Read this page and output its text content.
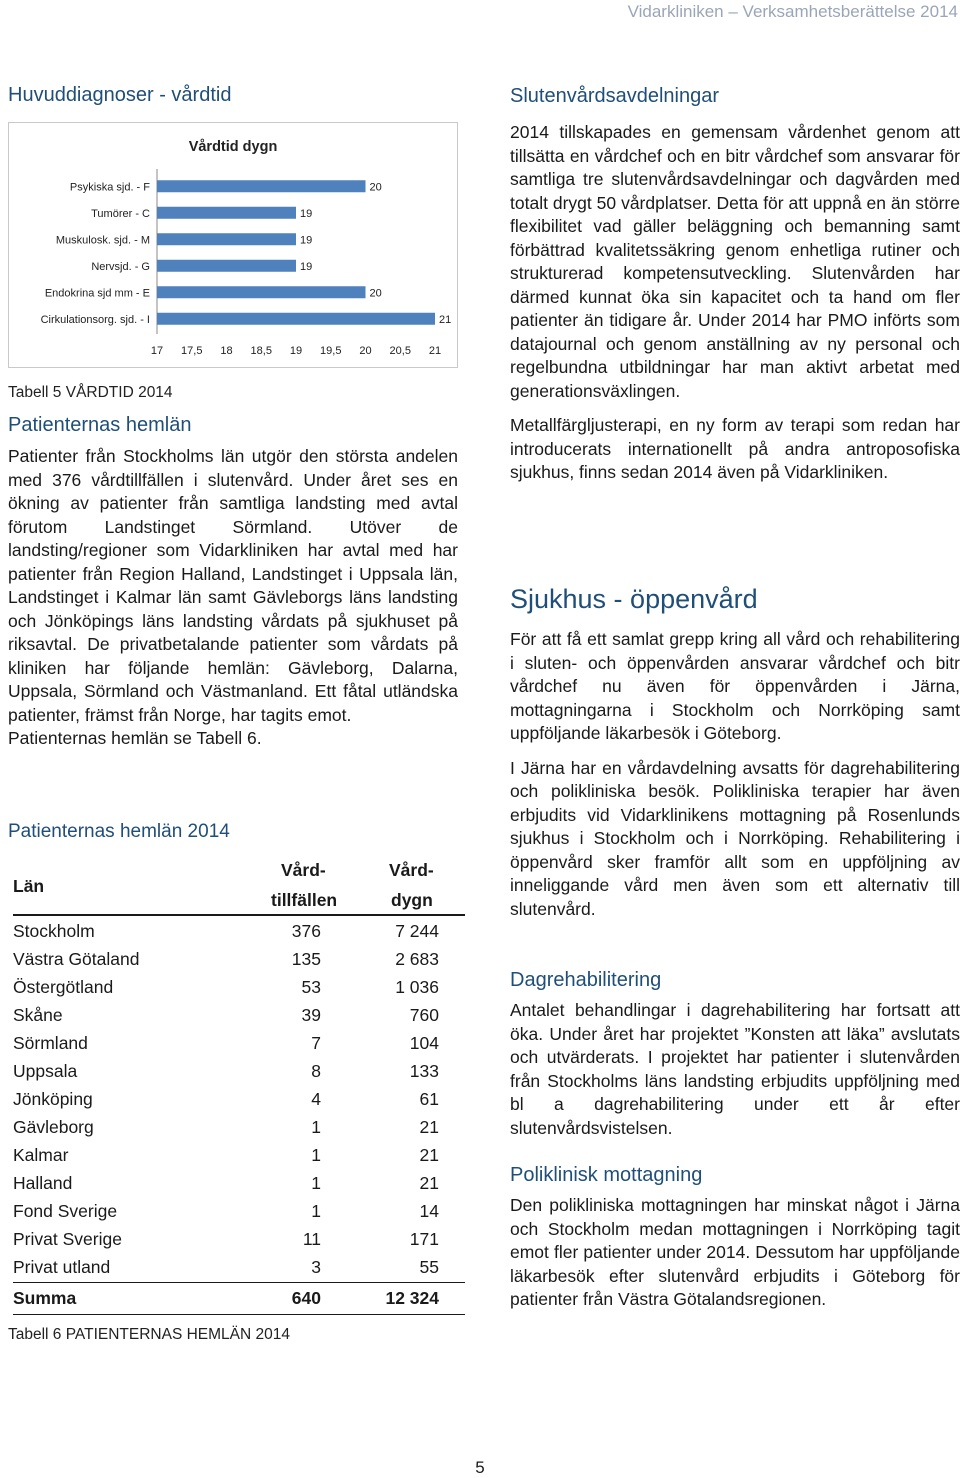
Vidarkliniken – Verksamhetsberättelse 2014
Huvuddiagnoser - vårdtid
Vårdtid dygn
Psykiska sjd. - F	20
Tumörer - C	19
Muskulosk. sjd. - M	19
Nervsjd. - G	19
Endokrina sjd mm - E	20
Cirkulationsorg. sjd. - I	21
17 17,5 18 18,5 19 19,5 20 20,5 21
Tabell 5 VÅRDTID 2014
Patienternas hemlän
Patienter från Stockholms län utgör den största andelen med 376 vårdtillfällen i slutenvård. Under året ses en ökning av patienter från samtliga landsting med avtal förutom Landstinget Sörmland. Utöver de landsting/regioner som Vidarkliniken har avtal med har patienter från Region Halland, Landstinget i Uppsala län, Landstinget i Kalmar län samt Gävleborgs läns landsting och Jönköpings läns landsting vårdats på sjukhuset på riksavtal. De privatbetalande patienter som vårdats på kliniken har följande hemlän: Gävleborg, Dalarna, Uppsala, Sörmland och Västmanland. Ett fåtal utländska patienter, främst från Norge, har tagits emot.
Patienternas hemlän se Tabell 6.
Patienternas hemlän 2014
Län
Vård-
tillfällen
Vård-
dygn
Stockholm	376	7 244
Västra Götaland	135	2 683
Östergötland	53	1 036
Skåne	39	760
Sörmland	7	104
Uppsala	8	133
Jönköping	4	61
Gävleborg	1	21
Kalmar	1	21
Halland	1	21
Fond Sverige	1	14
Privat Sverige	11	171
Privat utland	3	55
Summa	640	12 324
Tabell 6 PATIENTERNAS HEMLÄN 2014
Slutenvårdsavdelningar

2014 tillskapades en gemensam vårdenhet genom att tillsätta en vårdchef och en bitr vårdchef som ansvarar för samtliga tre slutenvårdsavdelningar och dagvården med totalt drygt 50 vårdplatser. Detta för att uppnå en än större flexibilitet vad gäller beläggning och bemanning samt förbättrad kvalitetssäkring genom enhetliga rutiner och strukturerad kompetensutveckling. Slutenvården har därmed kunnat öka sin kapacitet och ta hand om fler patienter än tidigare år. Under 2014 har PMO införts som datajournal och genom anställning av ny personal och regelbundna utbildningar har man aktivt arbetat med generationsväxlingen.

Metallfärgljusterapi, en ny form av terapi som redan har introducerats internationellt på andra antroposofiska sjukhus, finns sedan 2014 även på Vidarkliniken.

Sjukhus - öppenvård

För att få ett samlat grepp kring all vård och rehabilitering i sluten- och öppenvården ansvarar vårdchef och bitr vårdchef nu även för öppenvården i Järna, mottagningarna i Stockholm och Norrköping samt uppföljande läkarbesök i Göteborg.

I Järna har en vårdavdelning avsatts för dagrehabilitering och polikliniska besök. Polikliniska terapier har även erbjudits vid Vidarklinikens mottagning på Rosenlunds sjukhus i Stockholm och i Norrköping. Rehabilitering i öppenvård sker framför allt som en uppföljning av inneliggande vård men även som ett alternativ till slutenvård.

Dagrehabilitering

Antalet behandlingar i dagrehabilitering har fortsatt att öka. Under året har projektet ”Konsten att läka” avslutats och utvärderats. I projektet har patienter i slutenvården från Stockholms läns landsting erbjudits uppföljning med bl a dagrehabilitering under ett år efter slutenvårdsvistelsen.

Poliklinisk mottagning

Den polikliniska mottagningen har minskat något i Järna och Stockholm medan mottagningen i Norrköping tagit emot fler patienter under 2014. Dessutom har uppföljande läkarbesök efter slutenvård erbjudits i Göteborg för patienter från Västra Götalandsregionen.

5
